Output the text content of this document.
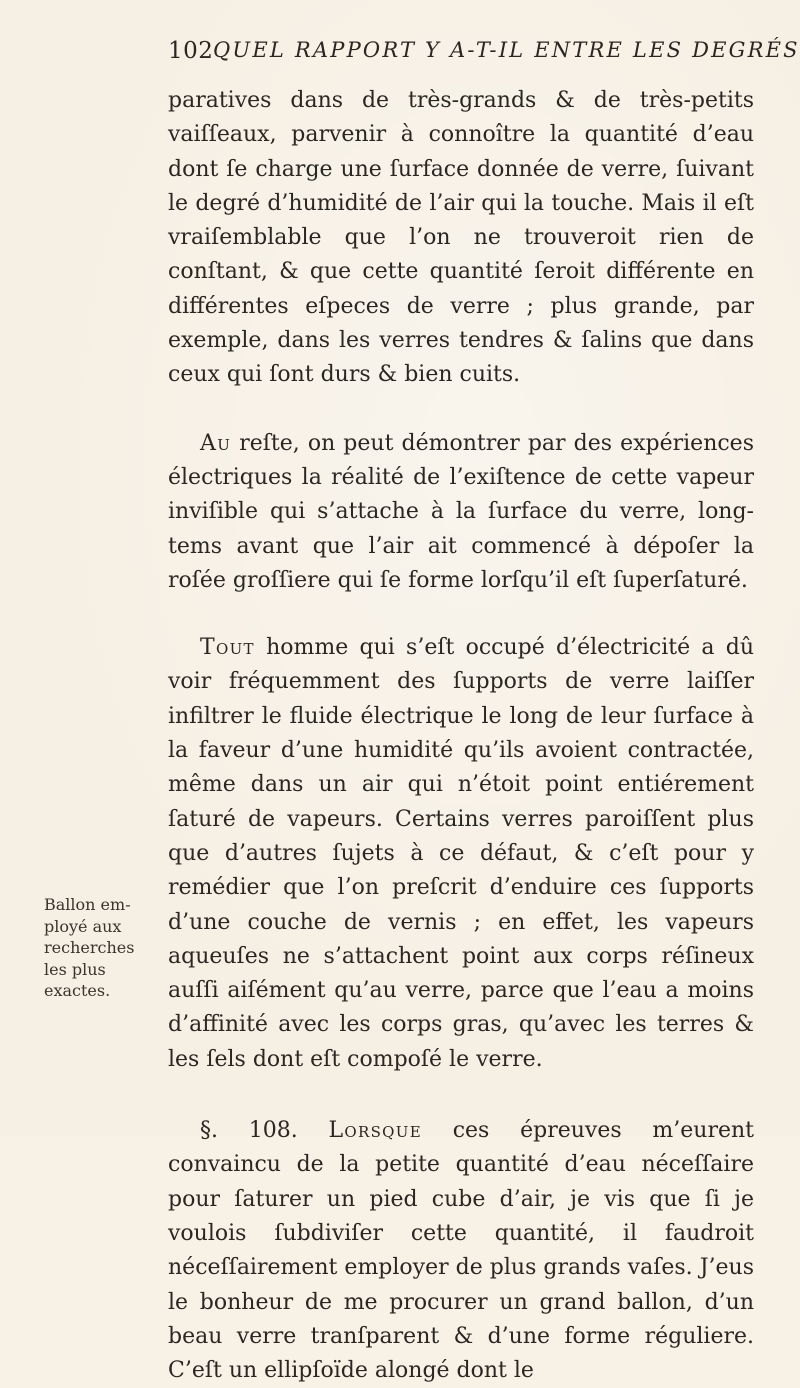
102 QUEL RAPPORT Y A-T-IL ENTRE LES DEGRÉS

paratives dans de très-grands & de très-petits vaiſſeaux, parvenir à connoître la quantité d’eau dont ſe charge une ſurface donnée de verre, ſuivant le degré d’humidité de l’air qui la touche. Mais il eſt vraiſemblable que l’on ne trouveroit rien de conſtant, & que cette quantité ſeroit différente en différentes eſpeces de verre ; plus grande, par exemple, dans les verres tendres & ſalins que dans ceux qui ſont durs & bien cuits.

Au reſte, on peut démontrer par des expériences électriques la réalité de l’exiſtence de cette vapeur inviſible qui s’attache à la ſurface du verre, long-tems avant que l’air ait commencé à dépoſer la roſée groſſiere qui ſe forme lorſqu’il eſt ſuperſaturé.

Tout homme qui s’eſt occupé d’électricité a dû voir fréquemment des ſupports de verre laiſſer infiltrer le fluide électrique le long de leur ſurface à la faveur d’une humidité qu’ils avoient contractée, même dans un air qui n’étoit point entiérement ſaturé de vapeurs. Certains verres paroiſſent plus que d’autres ſujets à ce défaut, & c’eſt pour y remédier que l’on preſcrit d’enduire ces ſupports d’une couche de vernis ; en effet, les vapeurs aqueuſes ne s’attachent point aux corps réſineux auſſi aiſément qu’au verre, parce que l’eau a moins d’affinité avec les corps gras, qu’avec les terres & les ſels dont eſt compoſé le verre.

§. 108. Lorsque ces épreuves m’eurent convaincu de la petite quantité d’eau néceſſaire pour ſaturer un pied cube d’air, je vis que ſi je voulois ſubdiviſer cette quantité, il faudroit néceſſairement employer de plus grands vaſes. J’eus le bonheur de me procurer un grand ballon, d’un beau verre tranſparent & d’une forme réguliere. C’eſt un ellipſoïde alongé dont le

Ballon em-
ployé aux
recherches
les plus
exactes.
